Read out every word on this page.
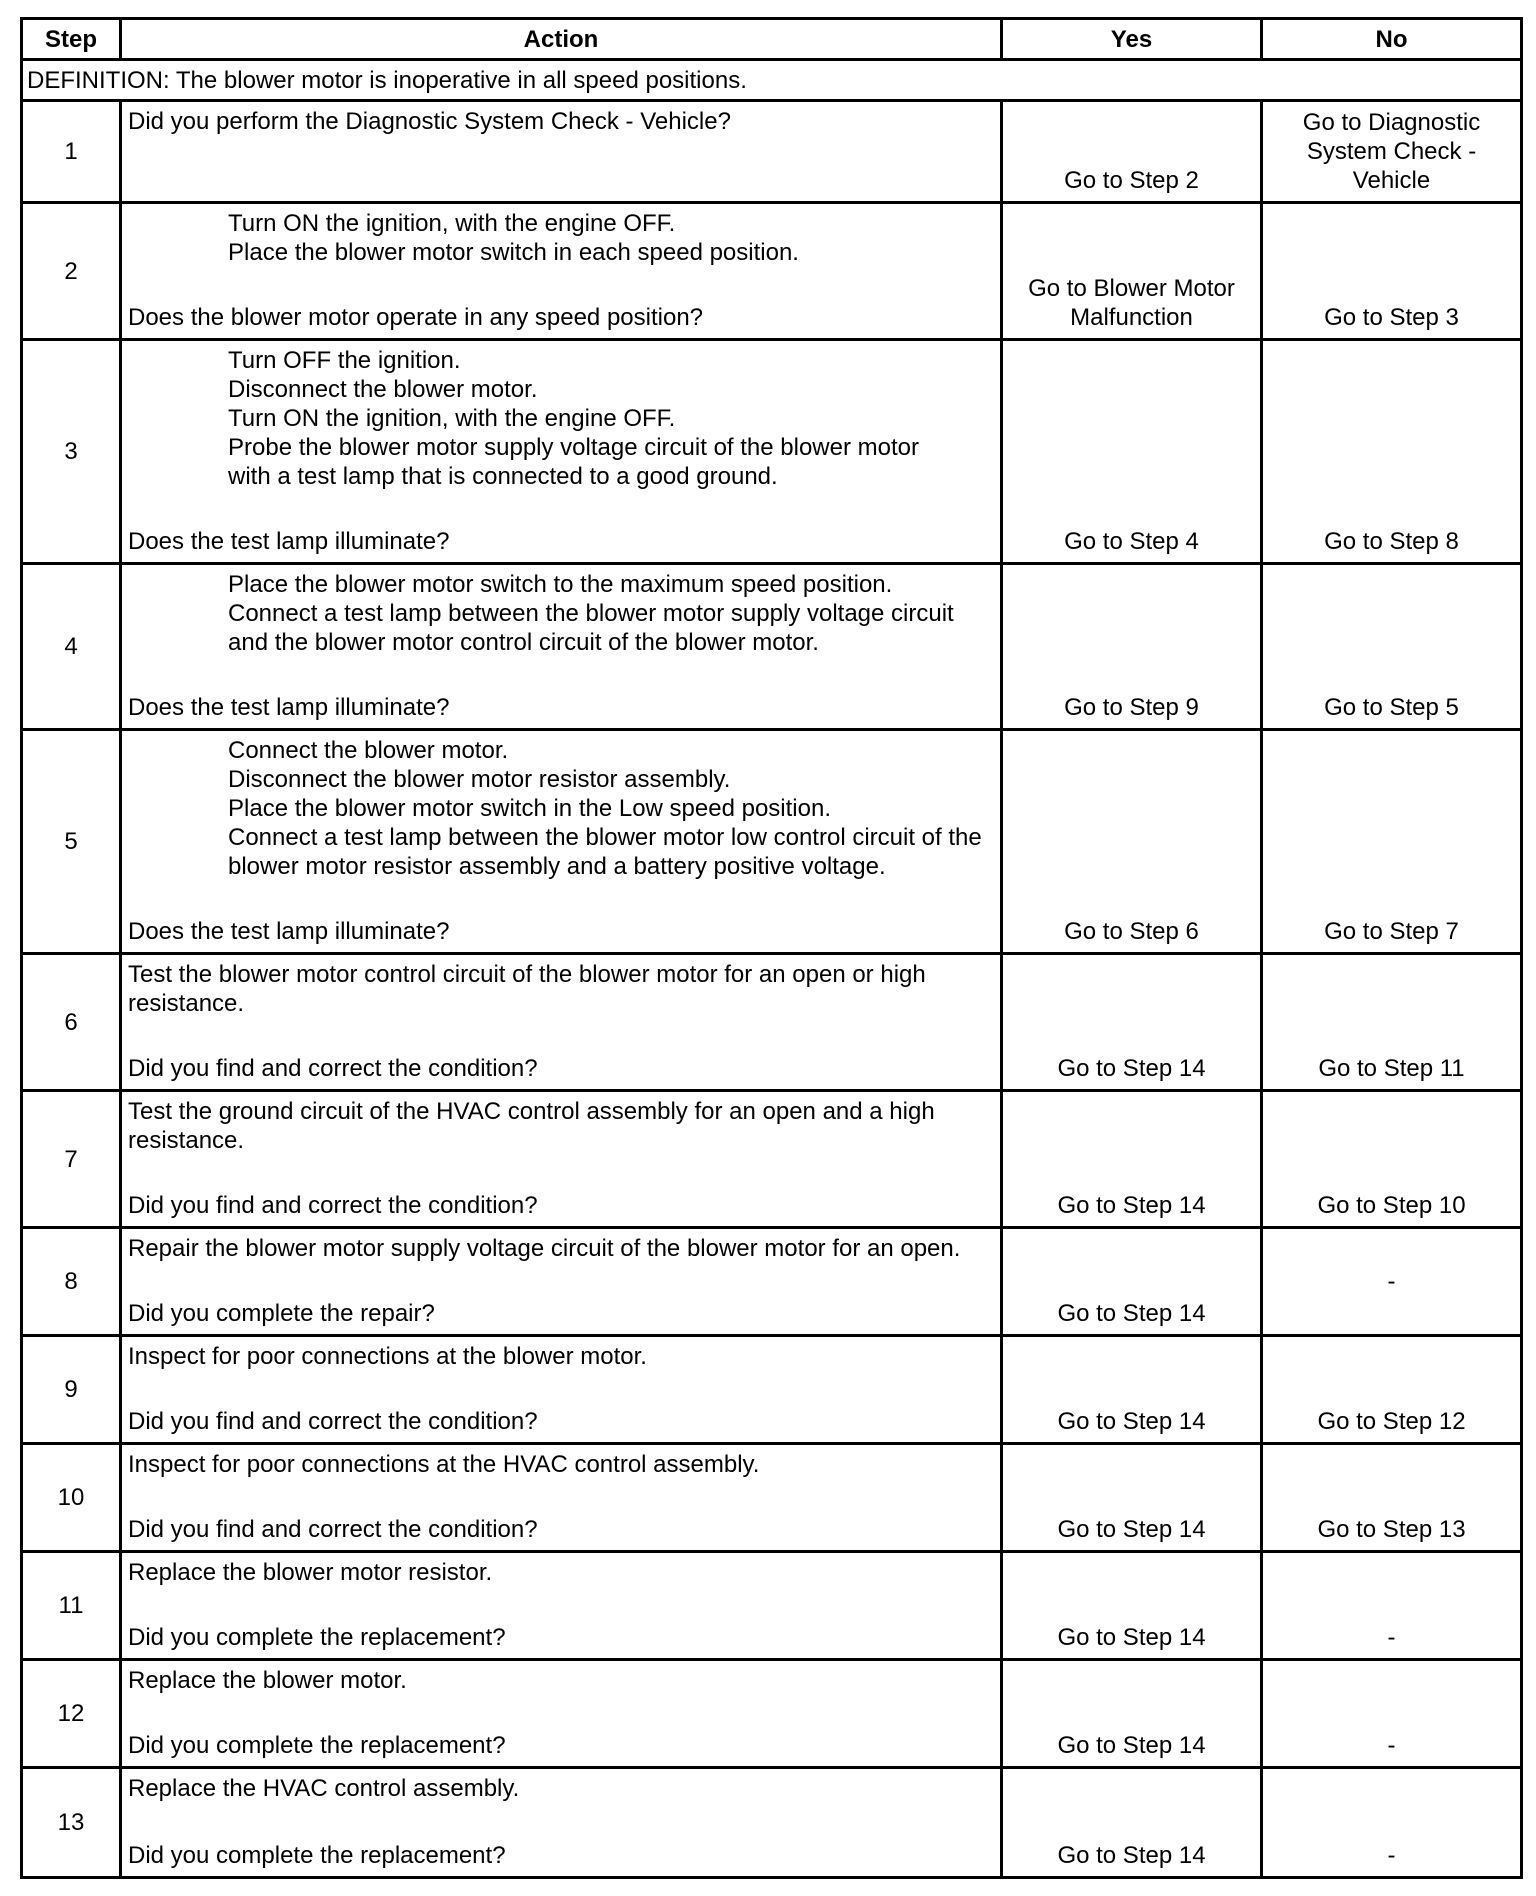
Step	Action	Yes	No
DEFINITION: The blower motor is inoperative in all speed positions.			
1	Did you perform the Diagnostic System Check - Vehicle?	Go to Step 2	Go to Diagnostic System Check - Vehicle
2	Turn ON the ignition, with the engine OFF.
Place the blower motor switch in each speed position.
Does the blower motor operate in any speed position?	Go to Blower Motor Malfunction	Go to Step 3
3	Turn OFF the ignition.
Disconnect the blower motor.
Turn ON the ignition, with the engine OFF.
Probe the blower motor supply voltage circuit of the blower motor with a test lamp that is connected to a good ground.
Does the test lamp illuminate?	Go to Step 4	Go to Step 8
4	Place the blower motor switch to the maximum speed position.
Connect a test lamp between the blower motor supply voltage circuit and the blower motor control circuit of the blower motor.
Does the test lamp illuminate?	Go to Step 9	Go to Step 5
5	Connect the blower motor.
Disconnect the blower motor resistor assembly.
Place the blower motor switch in the Low speed position.
Connect a test lamp between the blower motor low control circuit of the blower motor resistor assembly and a battery positive voltage.
Does the test lamp illuminate?	Go to Step 6	Go to Step 7
6	Test the blower motor control circuit of the blower motor for an open or high resistance.
Did you find and correct the condition?	Go to Step 14	Go to Step 11
7	Test the ground circuit of the HVAC control assembly for an open and a high resistance.
Did you find and correct the condition?	Go to Step 14	Go to Step 10
8	Repair the blower motor supply voltage circuit of the blower motor for an open.
Did you complete the repair?	Go to Step 14	-
9	Inspect for poor connections at the blower motor.
Did you find and correct the condition?	Go to Step 14	Go to Step 12
10	Inspect for poor connections at the HVAC control assembly.
Did you find and correct the condition?	Go to Step 14	Go to Step 13
11	Replace the blower motor resistor.
Did you complete the replacement?	Go to Step 14	-
12	Replace the blower motor.
Did you complete the replacement?	Go to Step 14	-
13	Replace the HVAC control assembly.
Did you complete the replacement?	Go to Step 14	-
